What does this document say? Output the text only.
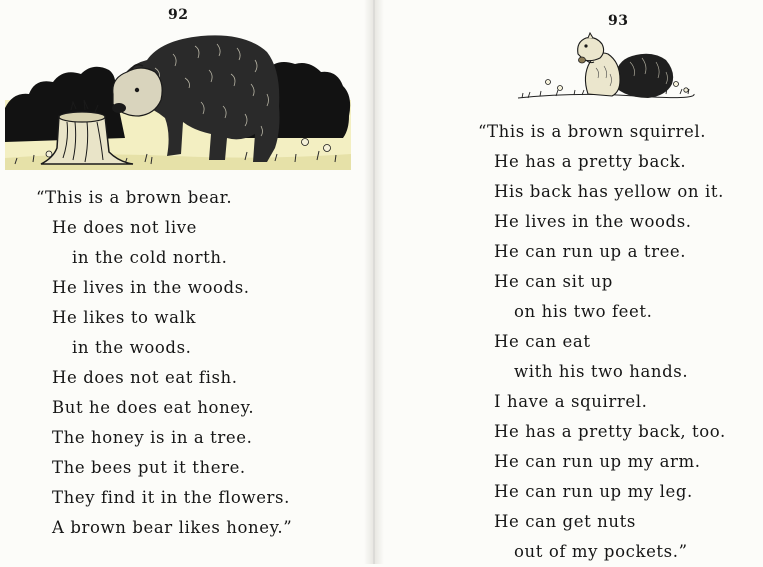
92
“This is a brown bear.
He does not live
in the cold north.
He lives in the woods.
He likes to walk
in the woods.
He does not eat fish.
But he does eat honey.
The honey is in a tree.
The bees put it there.
They find it in the flowers.
A brown bear likes honey.”
93
“This is a brown squirrel.
He has a pretty back.
His back has yellow on it.
He lives in the woods.
He can run up a tree.
He can sit up
on his two feet.
He can eat
with his two hands.
I have a squirrel.
He has a pretty back, too.
He can run up my arm.
He can run up my leg.
He can get nuts
out of my pockets.”
